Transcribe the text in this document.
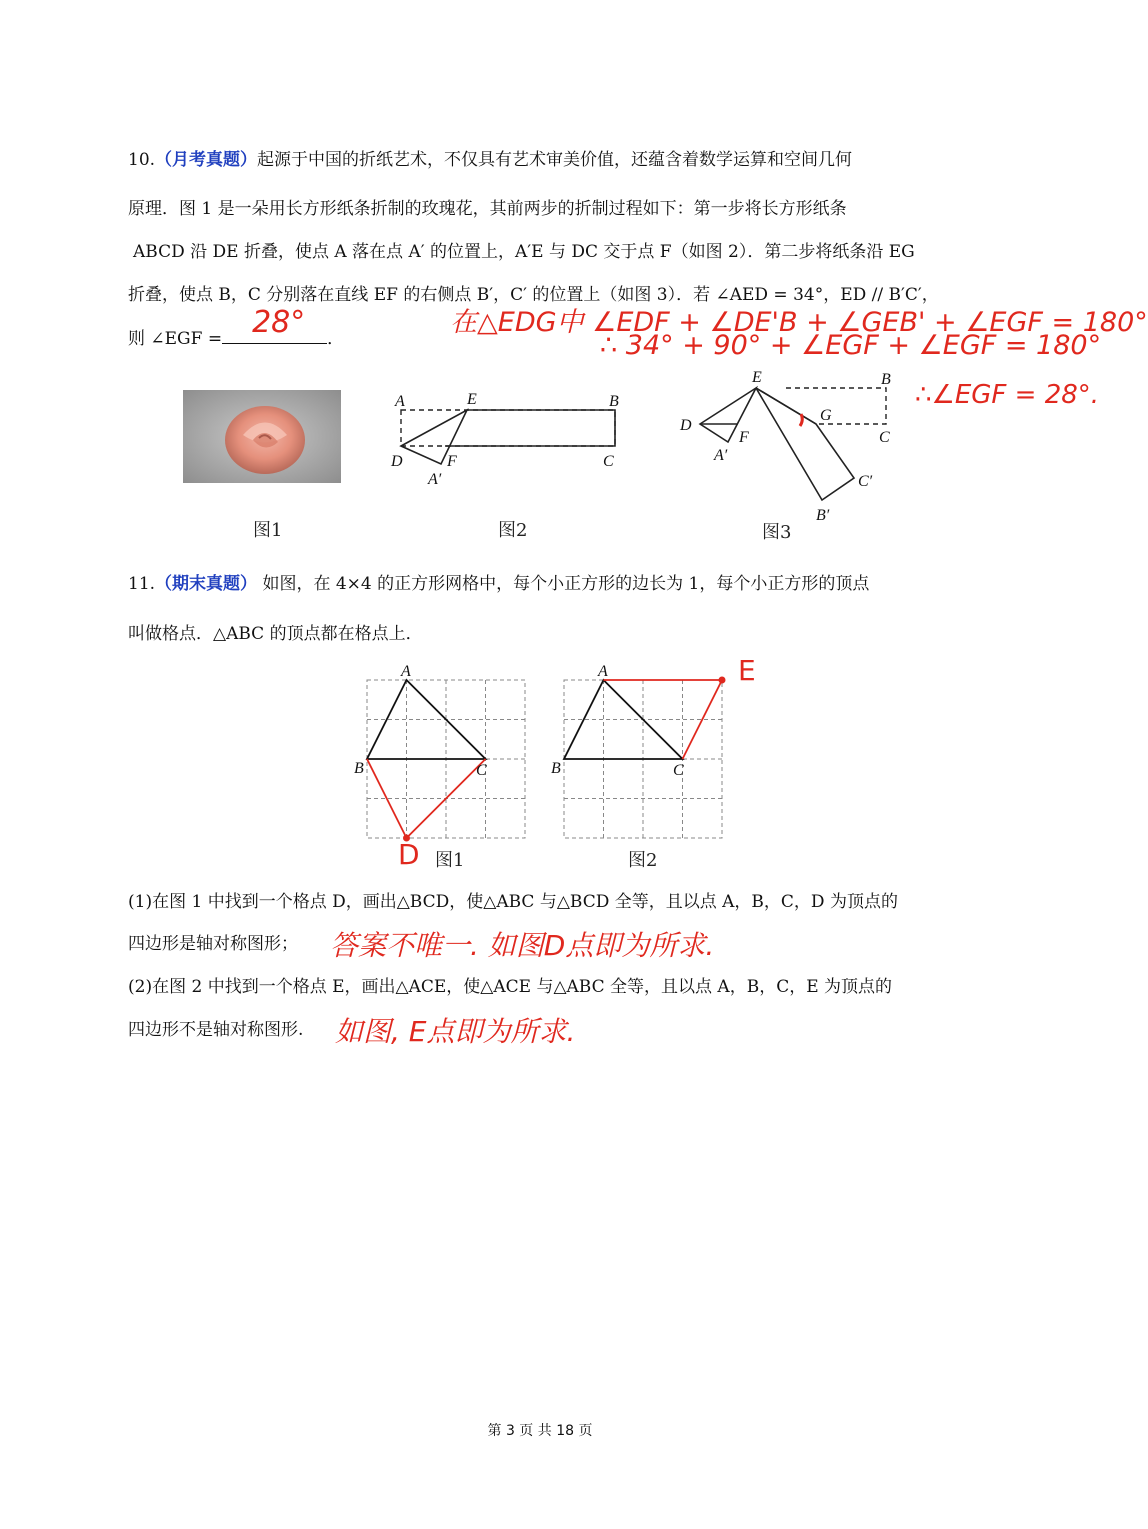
10.（月考真题）起源于中国的折纸艺术，不仅具有艺术审美价值，还蕴含着数学运算和空间几何
原理．图 1 是一朵用长方形纸条折制的玫瑰花，其前两步的折制过程如下：第一步将长方形纸条
ABCD 沿 DE 折叠，使点 A 落在点 A′ 的位置上，A′E 与 DC 交于点 F（如图 2）．第二步将纸条沿 EG
折叠，使点 B，C 分别落在直线 EF 的右侧点 B′，C′ 的位置上（如图 3）．若 ∠AED = 34°，ED // B′C′，
则 ∠EGF = 28° ．
在△EDG中 ∠EDF + ∠DE'B + ∠GEB' + ∠EGF = 180°
∴ 34° + 90° + ∠EGF + ∠EGF = 180°
∴∠EGF = 28°.
图1
A	E	B
D	F	C
A′
图2
E	B
D
G
F	C
A′
C′
B′
图3
11.（期末真题） 如图，在 4×4 的正方形网格中，每个小正方形的边长为 1，每个小正方形的顶点
叫做格点．△ABC 的顶点都在格点上．
A
B	C
D 图1
A
B	C
E
图2
(1)在图 1 中找到一个格点 D，画出△BCD，使△ABC 与△BCD 全等，且以点 A，B，C，D 为顶点的
四边形是轴对称图形； 答案不唯一. 如图D点即为所求.
(2)在图 2 中找到一个格点 E，画出△ACE，使△ACE 与△ABC 全等，且以点 A，B，C，E 为顶点的
四边形不是轴对称图形. 如图, E点即为所求.
第 3 页 共 18 页
